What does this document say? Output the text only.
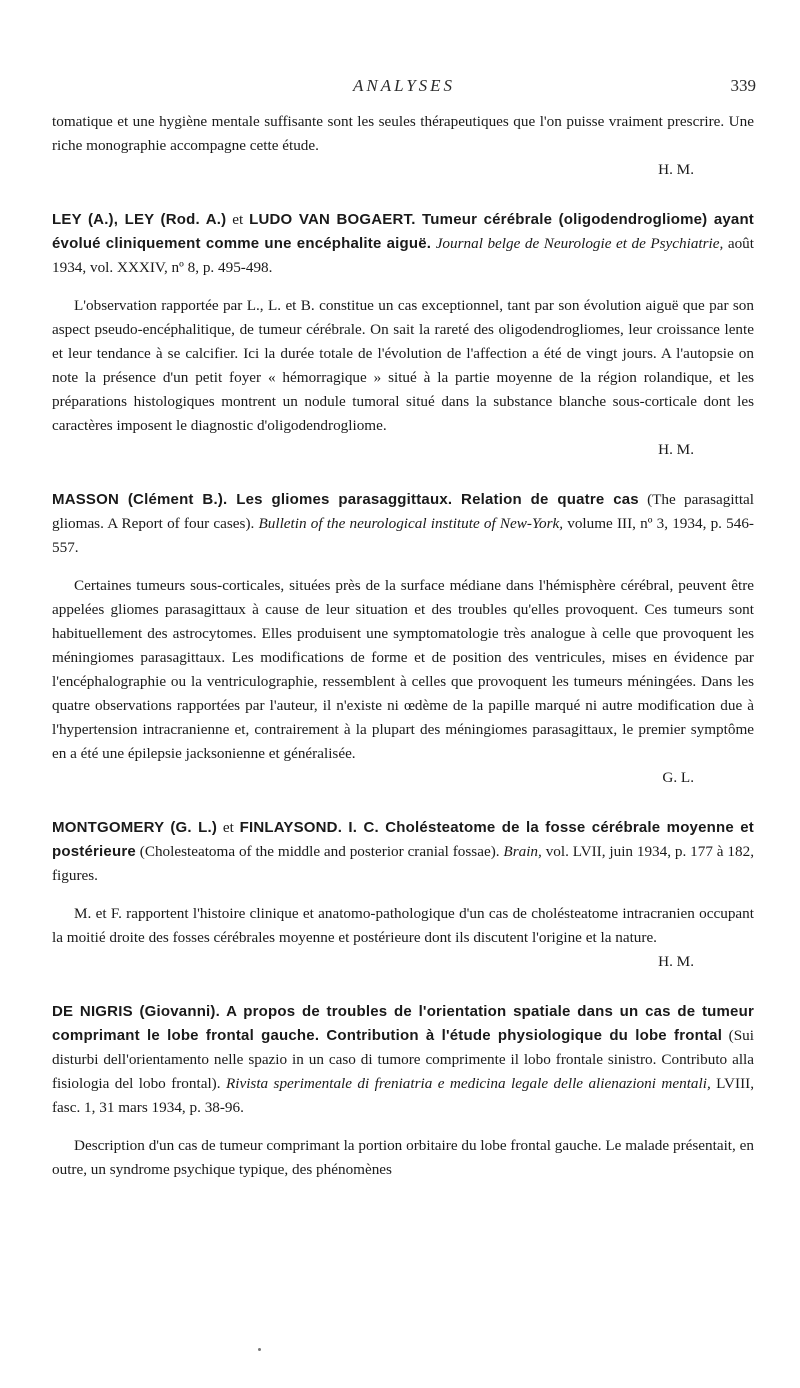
ANALYSES	339

tomatique et une hygiène mentale suffisante sont les seules thérapeutiques que l'on puisse vraiment prescrire. Une riche monographie accompagne cette étude.

H. M.

LEY (A.), LEY (Rod. A.) et LUDO VAN BOGAERT. Tumeur cérébrale (oligodendrogliome) ayant évolué cliniquement comme une encéphalite aiguë. Journal belge de Neurologie et de Psychiatrie, août 1934, vol. XXXIV, nº 8, p. 495-498.

L'observation rapportée par L., L. et B. constitue un cas exceptionnel, tant par son évolution aiguë que par son aspect pseudo-encéphalitique, de tumeur cérébrale. On sait la rareté des oligodendrogliomes, leur croissance lente et leur tendance à se calcifier. Ici la durée totale de l'évolution de l'affection a été de vingt jours. A l'autopsie on note la présence d'un petit foyer « hémorragique » situé à la partie moyenne de la région rolandique, et les préparations histologiques montrent un nodule tumoral situé dans la substance blanche sous-corticale dont les caractères imposent le diagnostic d'oligodendrogliome.

H. M.

MASSON (Clément B.). Les gliomes parasaggittaux. Relation de quatre cas (The parasagittal gliomas. A Report of four cases). Bulletin of the neurological institute of New-York, volume III, nº 3, 1934, p. 546-557.

Certaines tumeurs sous-corticales, situées près de la surface médiane dans l'hémisphère cérébral, peuvent être appelées gliomes parasagittaux à cause de leur situation et des troubles qu'elles provoquent. Ces tumeurs sont habituellement des astrocytomes. Elles produisent une symptomatologie très analogue à celle que provoquent les méningiomes parasagittaux. Les modifications de forme et de position des ventricules, mises en évidence par l'encéphalographie ou la ventriculographie, ressemblent à celles que provoquent les tumeurs méningées. Dans les quatre observations rapportées par l'auteur, il n'existe ni œdème de la papille marqué ni autre modification due à l'hypertension intracranienne et, contrairement à la plupart des méningiomes parasagittaux, le premier symptôme en a été une épilepsie jacksonienne et généralisée.

G. L.

MONTGOMERY (G. L.) et FINLAYSOND. I. C. Cholésteatome de la fosse cérébrale moyenne et postérieure (Cholesteatoma of the middle and posterior cranial fossae). Brain, vol. LVII, juin 1934, p. 177 à 182, figures.

M. et F. rapportent l'histoire clinique et anatomo-pathologique d'un cas de cholésteatome intracranien occupant la moitié droite des fosses cérébrales moyenne et postérieure dont ils discutent l'origine et la nature.

H. M.

DE NIGRIS (Giovanni). A propos de troubles de l'orientation spatiale dans un cas de tumeur comprimant le lobe frontal gauche. Contribution à l'étude physiologique du lobe frontal (Sui disturbi dell'orientamento nelle spazio in un caso di tumore comprimente il lobo frontale sinistro. Contributo alla fisiologia del lobo frontal). Rivista sperimentale di freniatria e medicina legale delle alienazioni mentali, LVIII, fasc. 1, 31 mars 1934, p. 38-96.

Description d'un cas de tumeur comprimant la portion orbitaire du lobe frontal gauche. Le malade présentait, en outre, un syndrome psychique typique, des phénomènes
